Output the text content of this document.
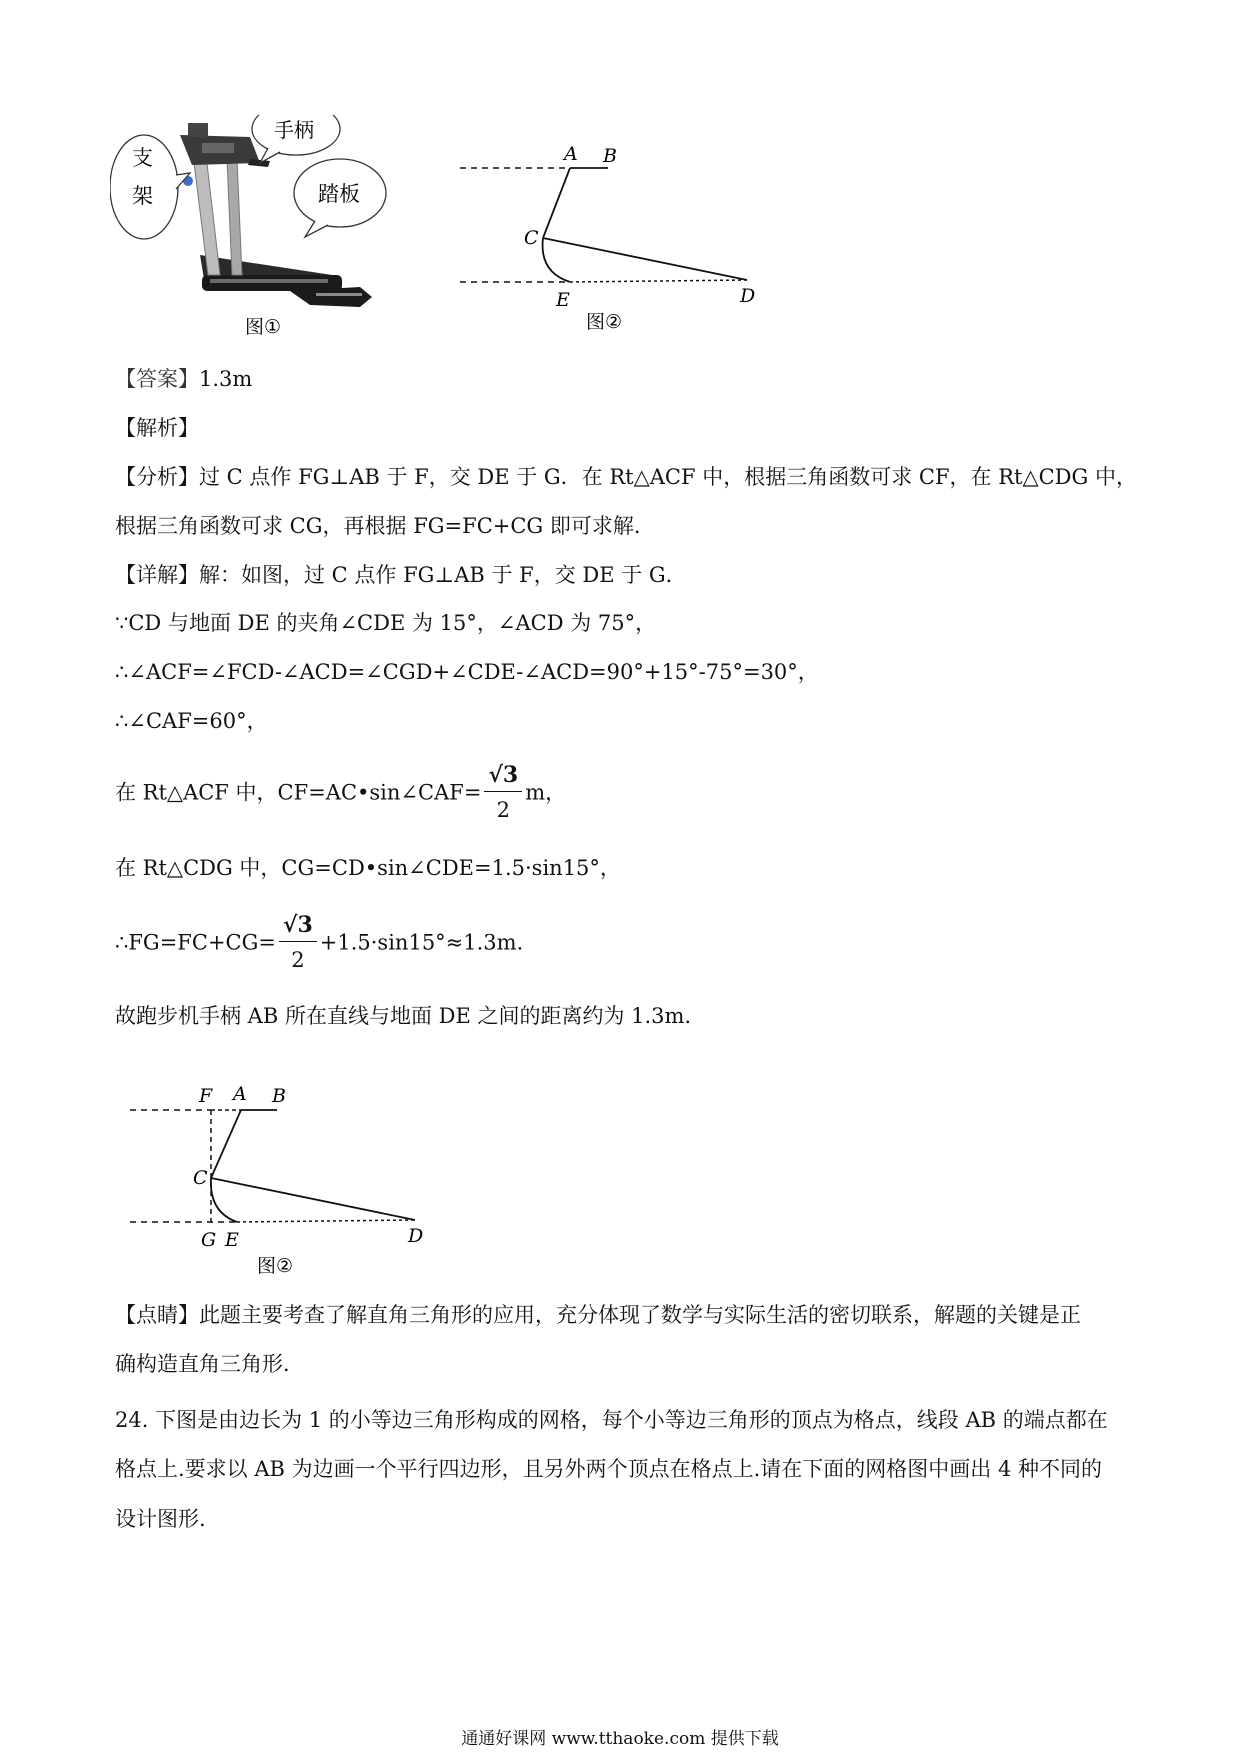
手柄
支 架	踏板
图①
A B
C
E	D
图②
【答案】1.3m
【解析】
【分析】过 C 点作 FG⊥AB 于 F，交 DE 于 G．在 Rt△ACF 中，根据三角函数可求 CF，在 Rt△CDG 中，
根据三角函数可求 CG，再根据 FG=FC+CG 即可求解．
【详解】解：如图，过 C 点作 FG⊥AB 于 F，交 DE 于 G．
∵CD 与地面 DE 的夹角∠CDE 为 15°，∠ACD 为 75°，
∴∠ACF=∠FCD-∠ACD=∠CGD+∠CDE-∠ACD=90°+15°-75°=30°，
∴∠CAF=60°，
在 Rt△ACF 中，CF=AC•sin∠CAF= $\frac{√3}{2}$ m，
在 Rt△CDG 中，CG=CD•sin∠CDE=1.5·sin15°，
∴FG=FC+CG= $\frac{√3}{2} +1.5\cdot\sin 15^\circ\approx 1.3m$．
故跑步机手柄 AB 所在直线与地面 DE 之间的距离约为 1.3m．
F A B
C
G E	D
图②
【点睛】此题主要考查了解直角三角形的应用，充分体现了数学与实际生活的密切联系，解题的关键是正
确构造直角三角形．
24. 下图是由边长为 1 的小等边三角形构成的网格，每个小等边三角形的顶点为格点，线段 AB 的端点都在
格点上.要求以 AB 为边画一个平行四边形，且另外两个顶点在格点上.请在下面的网格图中画出 4 种不同的
设计图形.
通通好课网 www.tthaoke.com 提供下载
